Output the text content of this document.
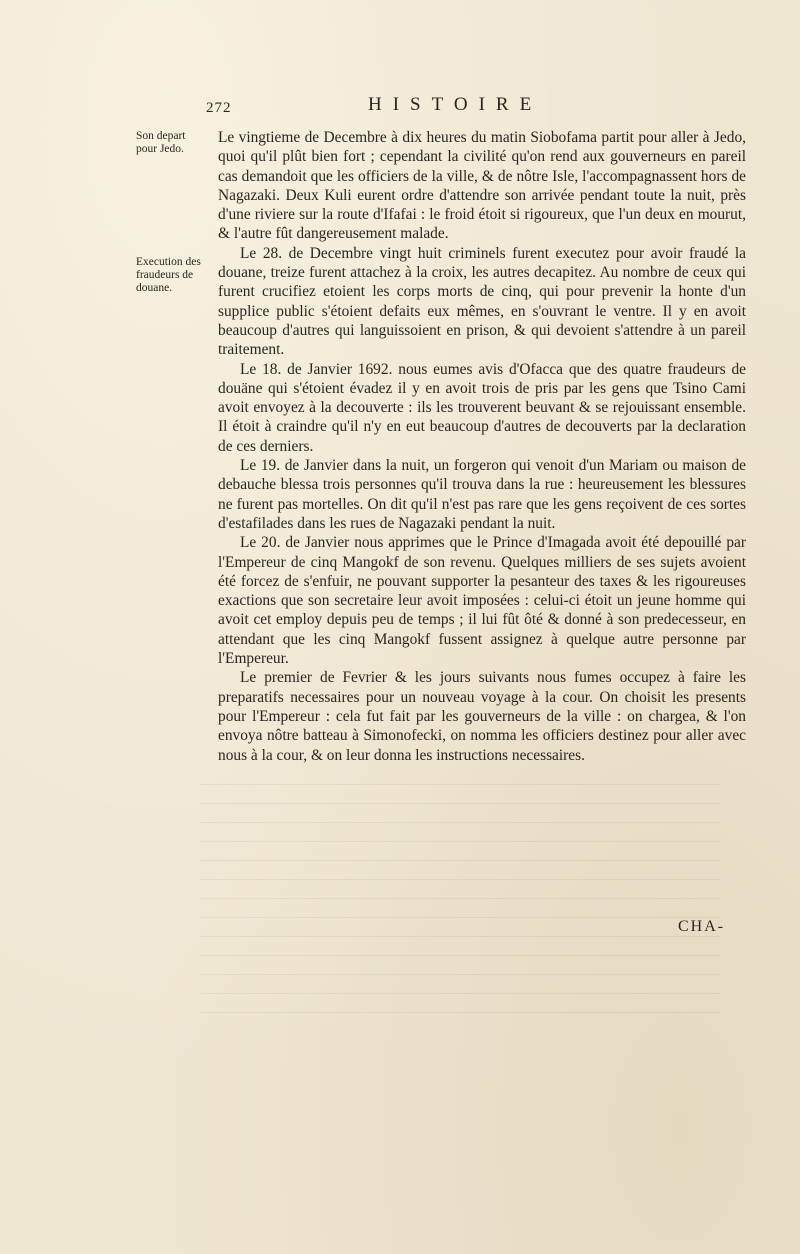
272	HISTOIRE
Son depart pour Jedo.
Execution des fraudeurs de douane.

Le vingtieme de Decembre à dix heures du matin Siobofama partit pour aller à Jedo, quoi qu'il plût bien fort ; cependant la civilité qu'on rend aux gouverneurs en pareil cas demandoit que les officiers de la ville, & de nôtre Isle, l'accompagnassent hors de Nagazaki. Deux Kuli eurent ordre d'attendre son arrivée pendant toute la nuit, près d'une riviere sur la route d'Ifafai : le froid étoit si rigoureux, que l'un deux en mourut, & l'autre fût dangereusement malade.

Le 28. de Decembre vingt huit criminels furent executez pour avoir fraudé la douane, treize furent attachez à la croix, les autres decapitez. Au nombre de ceux qui furent crucifiez etoient les corps morts de cinq, qui pour prevenir la honte d'un supplice public s'étoient defaits eux mêmes, en s'ouvrant le ventre. Il y en avoit beaucoup d'autres qui languissoient en prison, & qui devoient s'attendre à un pareil traitement.

Le 18. de Janvier 1692. nous eumes avis d'Ofacca que des quatre fraudeurs de douäne qui s'étoient évadez il y en avoit trois de pris par les gens que Tsino Cami avoit envoyez à la decouverte : ils les trouverent beuvant & se rejouissant ensemble. Il étoit à craindre qu'il n'y en eut beaucoup d'autres de decouverts par la declaration de ces derniers.

Le 19. de Janvier dans la nuit, un forgeron qui venoit d'un Mariam ou maison de debauche blessa trois personnes qu'il trouva dans la rue : heureusement les blessures ne furent pas mortelles. On dit qu'il n'est pas rare que les gens reçoivent de ces sortes d'estafilades dans les rues de Nagazaki pendant la nuit.

Le 20. de Janvier nous apprimes que le Prince d'Imagada avoit été depouillé par l'Empereur de cinq Mangokf de son revenu. Quelques milliers de ses sujets avoient été forcez de s'enfuir, ne pouvant supporter la pesanteur des taxes & les rigoureuses exactions que son secretaire leur avoit imposées : celui-ci étoit un jeune homme qui avoit cet employ depuis peu de temps ; il lui fût ôté & donné à son predecesseur, en attendant que les cinq Mangokf fussent assignez à quelque autre personne par l'Empereur.

Le premier de Fevrier & les jours suivants nous fumes occupez à faire les preparatifs necessaires pour un nouveau voyage à la cour. On choisit les presents pour l'Empereur : cela fut fait par les gouverneurs de la ville : on chargea, & l'on envoya nôtre batteau à Simonofecki, on nomma les officiers destinez pour aller avec nous à la cour, & on leur donna les instructions necessaires.

CHA-
